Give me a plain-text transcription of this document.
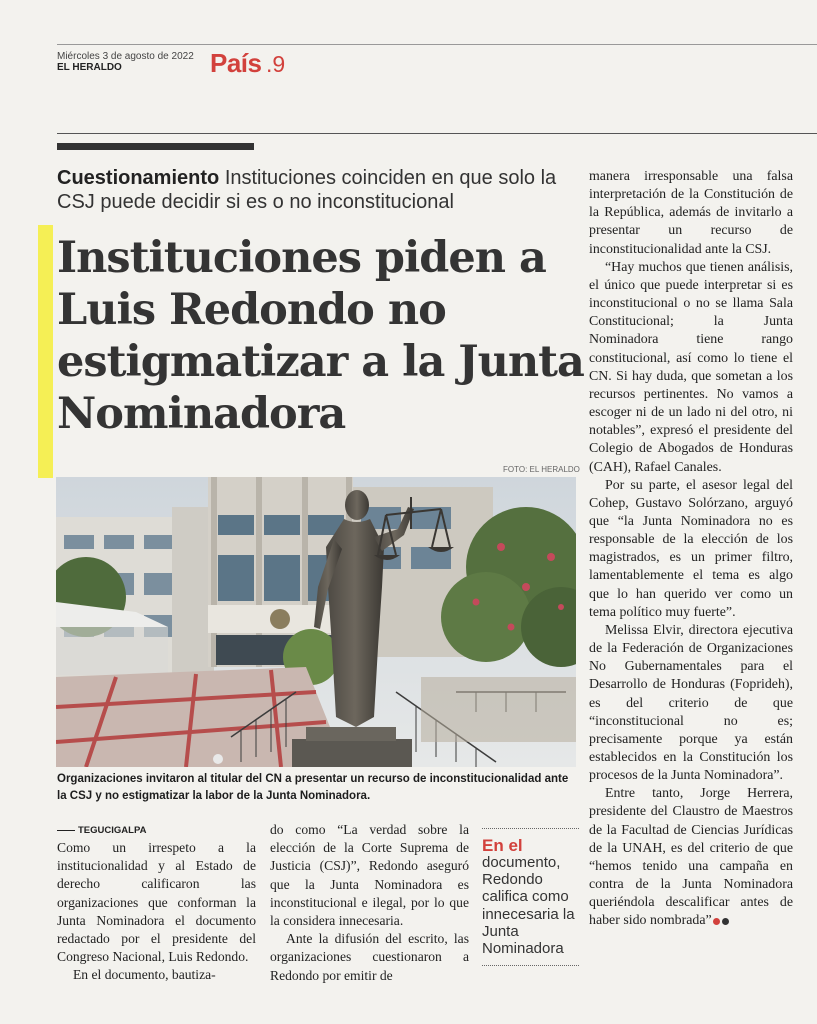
Miércoles 3 de agosto de 2022
EL HERALDO	País .9
Cuestionamiento Instituciones coinciden en que solo la CSJ puede decidir si es o no inconstitucional
Instituciones piden a Luis Redondo no estigmatizar a la Junta Nominadora
FOTO: EL HERALDO
Organizaciones invitaron al titular del CN a presentar un recurso de inconstitucionalidad ante la CSJ y no estigmatizar la labor de la Junta Nominadora.
TEGUCIGALPA

Como un irrespeto a la institucionalidad y al Estado de derecho calificaron las organizaciones que conforman la Junta Nominadora el documento redactado por el presidente del Congreso Nacional, Luis Redondo.

En el documento, bautiza-

do como “La verdad sobre la elección de la Corte Suprema de Justicia (CSJ)”, Redondo aseguró que la Junta Nominadora es inconstitucional e ilegal, por lo que la considera innecesaria.

Ante la difusión del escrito, las organizaciones cuestionaron a Redondo por emitir de

En el
documento, Redondo califica como innecesaria la Junta Nominadora

manera irresponsable una falsa interpretación de la Constitución de la República, además de invitarlo a presentar un recurso de inconstitucionalidad ante la CSJ.

“Hay muchos que tienen análisis, el único que puede interpretar si es inconstitucional o no se llama Sala Constitucional; la Junta Nominadora tiene rango constitucional, así como lo tiene el CN. Si hay duda, que sometan a los recursos pertinentes. No vamos a escoger ni de un lado ni del otro, ni notables”, expresó el presidente del Colegio de Abogados de Honduras (CAH), Rafael Canales.

Por su parte, el asesor legal del Cohep, Gustavo Solórzano, arguyó que “la Junta Nominadora no es responsable de la elección de los magistrados, es un primer filtro, lamentablemente el tema es algo que lo han querido ver como un tema político muy fuerte”.

Melissa Elvir, directora ejecutiva de la Federación de Organizaciones No Gubernamentales para el Desarrollo de Honduras (Foprideh), es del criterio de que “inconstitucional no es; precisamente porque ya están establecidos en la Constitución los procesos de la Junta Nominadora”.

Entre tanto, Jorge Herrera, presidente del Claustro de Maestros de la Facultad de Ciencias Jurídicas de la UNAH, es del criterio de que “hemos tenido una campaña en contra de la Junta Nominadora queriéndola descalificar antes de haber sido nombrada”
